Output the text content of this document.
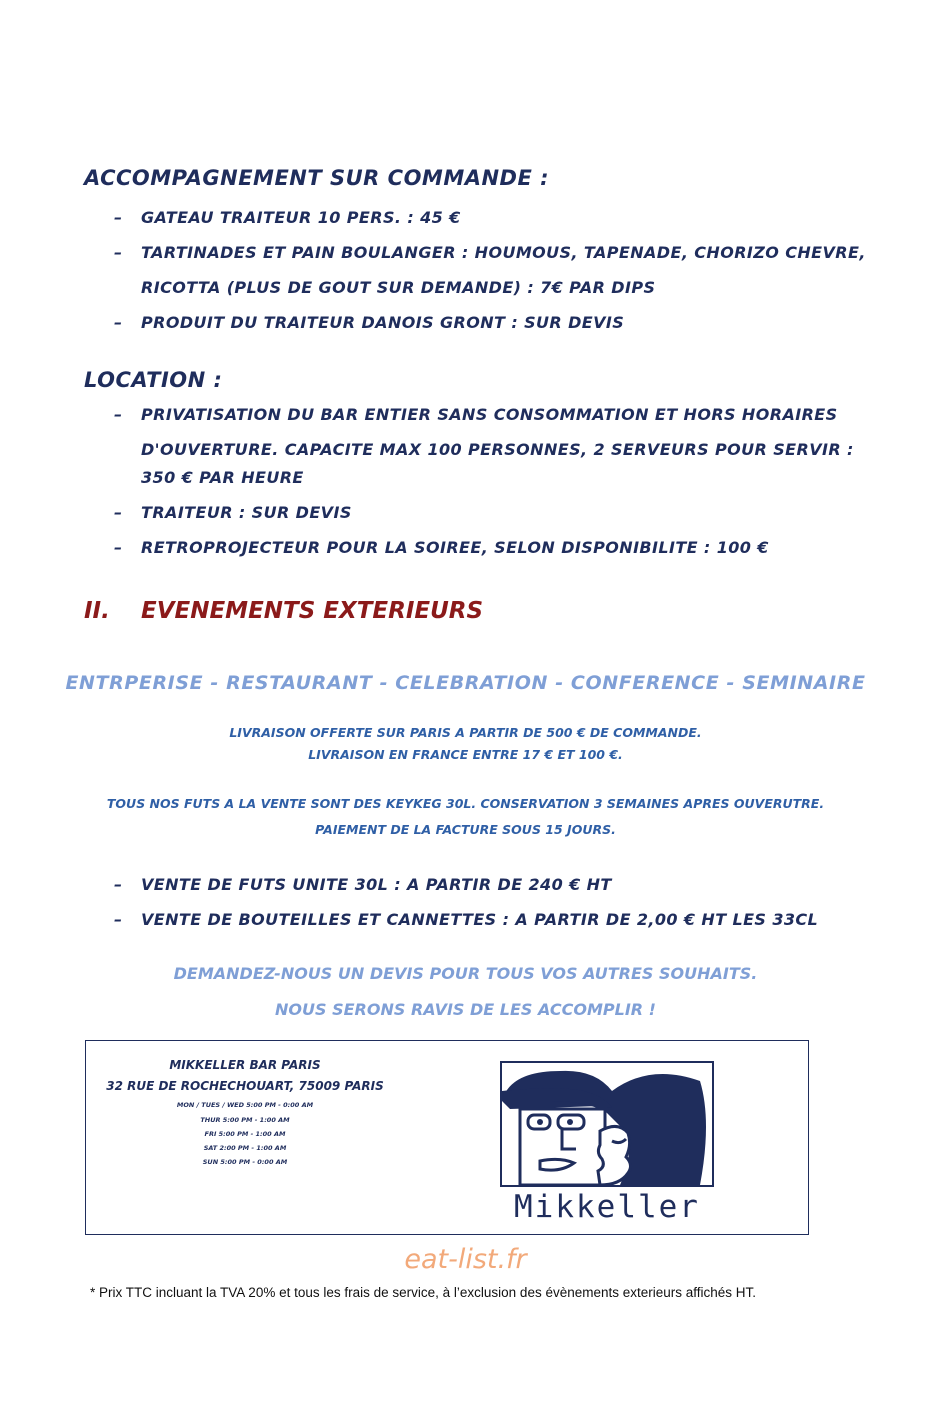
ACCOMPAGNEMENT SUR COMMANDE :
– GATEAU TRAITEUR 10 PERS. : 45 €
– TARTINADES ET PAIN BOULANGER : HOUMOUS, TAPENADE, CHORIZO CHEVRE,
RICOTTA (PLUS DE GOUT SUR DEMANDE) : 7€ PAR DIPS
– PRODUIT DU TRAITEUR DANOIS GRONT : SUR DEVIS
LOCATION :
– PRIVATISATION DU BAR ENTIER SANS CONSOMMATION ET HORS HORAIRES
D'OUVERTURE. CAPACITE MAX 100 PERSONNES, 2 SERVEURS POUR SERVIR :
350 € PAR HEURE
– TRAITEUR : SUR DEVIS
– RETROPROJECTEUR POUR LA SOIREE, SELON DISPONIBILITE : 100 €
II. EVENEMENTS EXTERIEURS
ENTRPERISE - RESTAURANT - CELEBRATION - CONFERENCE - SEMINAIRE
LIVRAISON OFFERTE SUR PARIS A PARTIR DE 500 € DE COMMANDE.
LIVRAISON EN FRANCE ENTRE 17 € ET 100 €.
TOUS NOS FUTS A LA VENTE SONT DES KEYKEG 30L. CONSERVATION 3 SEMAINES APRES OUVERUTRE.
PAIEMENT DE LA FACTURE SOUS 15 JOURS.
– VENTE DE FUTS UNITE 30L : A PARTIR DE 240 € HT
– VENTE DE BOUTEILLES ET CANNETTES : A PARTIR DE 2,00 € HT LES 33CL
DEMANDEZ-NOUS UN DEVIS POUR TOUS VOS AUTRES SOUHAITS.
NOUS SERONS RAVIS DE LES ACCOMPLIR !
MIKKELLER BAR PARIS
32 RUE DE ROCHECHOUART, 75009 PARIS
MON / TUES / WED 5:00 PM - 0:00 AM
THUR 5:00 PM - 1:00 AM
FRI 5:00 PM - 1:00 AM
SAT 2:00 PM - 1:00 AM
SUN 5:00 PM - 0:00 AM
Mikkeller
eat-list.fr
* Prix TTC incluant la TVA 20% et tous les frais de service, à l’exclusion des évènements exterieurs affichés HT.
